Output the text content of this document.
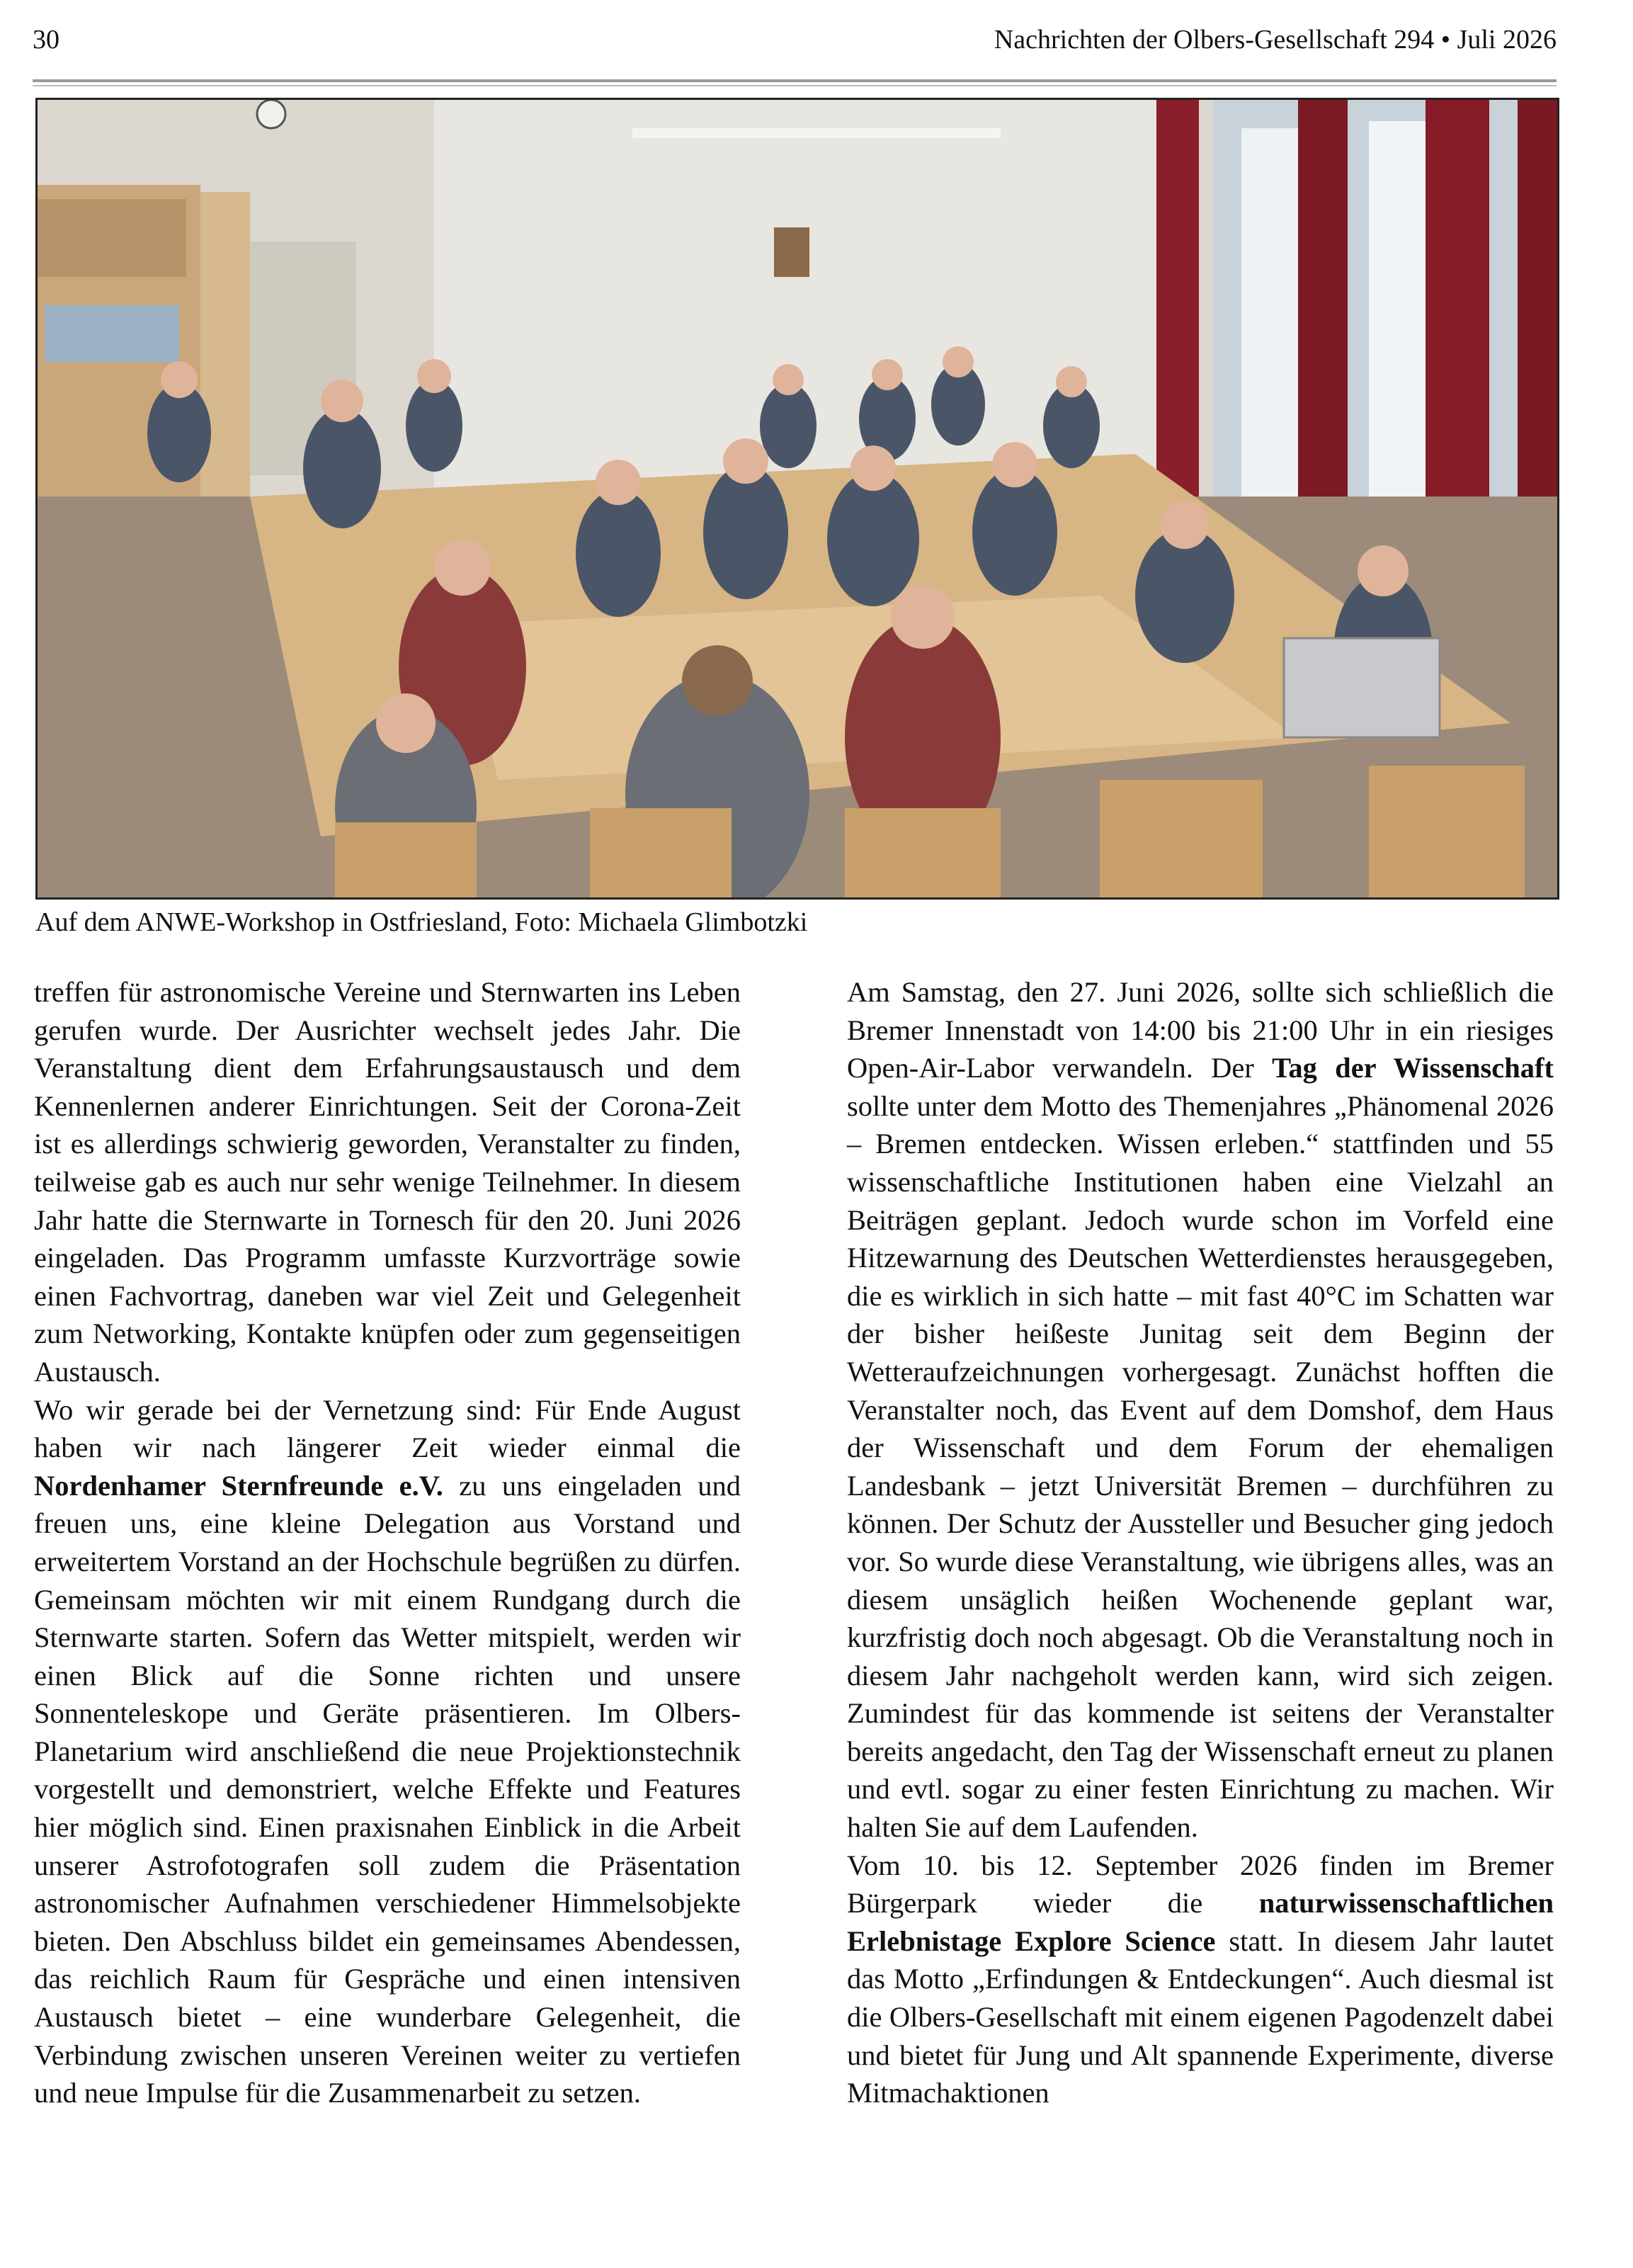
30	Nachrichten der Olbers-Gesellschaft 294 • Juli 2026
Auf dem ANWE-Workshop in Ostfriesland, Foto: Michaela Glimbotzki

treffen für astronomische Vereine und Sternwarten ins Leben gerufen wurde. Der Ausrichter wechselt jedes Jahr. Die Veranstaltung dient dem Erfahrungsaustausch und dem Kennenlernen anderer Einrichtungen. Seit der Corona-Zeit ist es allerdings schwierig geworden, Veranstalter zu finden, teilweise gab es auch nur sehr wenige Teilnehmer. In diesem Jahr hatte die Sternwarte in Tornesch für den 20. Juni 2026 eingeladen. Das Programm umfasste Kurzvorträge sowie einen Fachvortrag, daneben war viel Zeit und Gelegenheit zum Networking, Kontakte knüpfen oder zum gegenseitigen Austausch.

Wo wir gerade bei der Vernetzung sind: Für Ende August haben wir nach längerer Zeit wieder einmal die Nordenhamer Sternfreunde e.V. zu uns eingeladen und freuen uns, eine kleine Delegation aus Vorstand und erweitertem Vorstand an der Hochschule begrüßen zu dürfen. Gemeinsam möchten wir mit einem Rundgang durch die Sternwarte starten. Sofern das Wetter mitspielt, werden wir einen Blick auf die Sonne richten und unsere Sonnenteleskope und Geräte präsentieren. Im Olbers-Planetarium wird anschließend die neue Projektionstechnik vorgestellt und demonstriert, welche Effekte und Features hier möglich sind. Einen praxisnahen Einblick in die Arbeit unserer Astrofotografen soll zudem die Präsentation astronomischer Aufnahmen verschiedener Himmelsobjekte bieten. Den Abschluss bildet ein gemeinsames Abendessen, das reichlich Raum für Gespräche und einen intensiven Austausch bietet – eine wunderbare Gelegenheit, die Verbindung zwischen unseren Vereinen weiter zu vertiefen und neue Impulse für die Zusammenarbeit zu setzen.

Am Samstag, den 27. Juni 2026, sollte sich schließlich die Bremer Innenstadt von 14:00 bis 21:00 Uhr in ein riesiges Open-Air-Labor verwandeln. Der Tag der Wissenschaft sollte unter dem Motto des Themenjahres „Phänomenal 2026 – Bremen entdecken. Wissen erleben.“ stattfinden und 55 wissenschaftliche Institutionen haben eine Vielzahl an Beiträgen geplant. Jedoch wurde schon im Vorfeld eine Hitzewarnung des Deutschen Wetterdienstes herausgegeben, die es wirklich in sich hatte – mit fast 40°C im Schatten war der bisher heißeste Junitag seit dem Beginn der Wetteraufzeichnungen vorhergesagt. Zunächst hofften die Veranstalter noch, das Event auf dem Domshof, dem Haus der Wissenschaft und dem Forum der ehemaligen Landesbank – jetzt Universität Bremen – durchführen zu können. Der Schutz der Aussteller und Besucher ging jedoch vor. So wurde diese Veranstaltung, wie übrigens alles, was an diesem unsäglich heißen Wochenende geplant war, kurzfristig doch noch abgesagt. Ob die Veranstaltung noch in diesem Jahr nachgeholt werden kann, wird sich zeigen. Zumindest für das kommende ist seitens der Veranstalter bereits angedacht, den Tag der Wissenschaft erneut zu planen und evtl. sogar zu einer festen Einrichtung zu machen. Wir halten Sie auf dem Laufenden.

Vom 10. bis 12. September 2026 finden im Bremer Bürgerpark wieder die naturwissenschaftlichen Erlebnistage Explore Science statt. In diesem Jahr lautet das Motto „Erfindungen & Entdeckungen“. Auch diesmal ist die Olbers-Gesellschaft mit einem eigenen Pagodenzelt dabei und bietet für Jung und Alt spannende Experimente, diverse Mitmachaktionen
